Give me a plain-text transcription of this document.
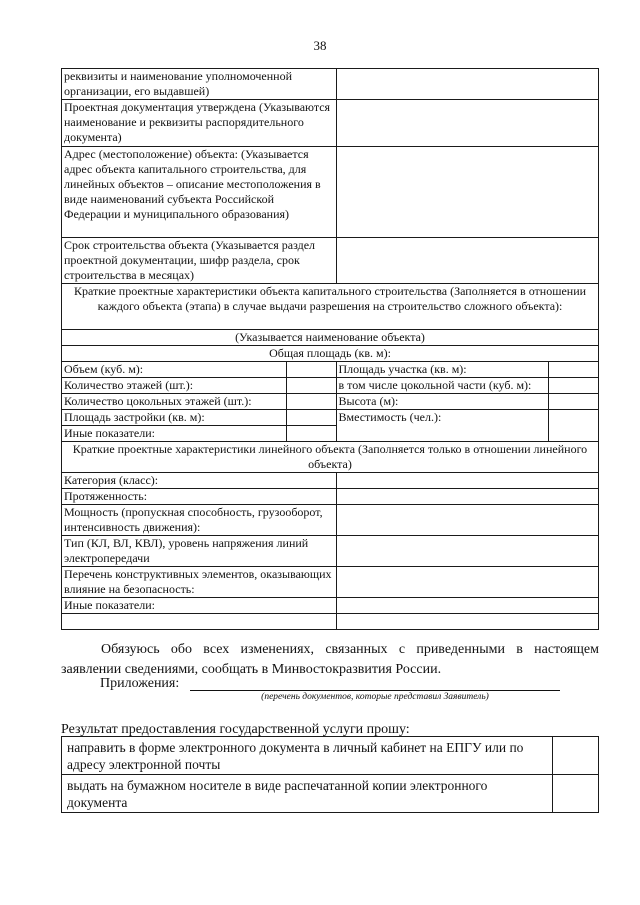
38
реквизиты и наименование уполномоченной организации, его выдавшей)			
Проектная документация утверждена (Указываются наименование и реквизиты распорядительного документа)			
Адрес (местоположение) объекта: (Указывается адрес объекта капитального строительства, для линейных объектов – описание местоположения в виде наименований субъекта Российской Федерации и муниципального образования)			
Срок строительства объекта (Указывается раздел проектной документации, шифр раздела, срок строительства в месяцах)			
Краткие проектные характеристики объекта капитального строительства (Заполняется в отношении каждого объекта (этапа) в случае выдачи разрешения на строительство сложного объекта):			
(Указывается наименование объекта)			
Общая площадь (кв. м):			
Объем (куб. м):		Площадь участка (кв. м):	
Количество этажей (шт.):		в том числе цокольной части (куб. м):	
Количество цокольных этажей (шт.):		Высота (м):	
Площадь застройки (кв. м):		Вместимость (чел.):	
Иные показатели:			
Краткие проектные характеристики линейного объекта (Заполняется только в отношении линейного объекта)			
Категория (класс):			
Протяженность:			
Мощность (пропускная способность, грузооборот, интенсивность движения):			
Тип (КЛ, ВЛ, КВЛ), уровень напряжения линий электропередачи			
Перечень конструктивных элементов, оказывающих влияние на безопасность:			
Иные показатели:			

Обязуюсь обо всех изменениях, связанных с приведенными в настоящем заявлении сведениями, сообщать в Минвостокразвития России.
Приложения:
(перечень документов, которые представил Заявитель)
Результат предоставления государственной услуги прошу:
направить в форме электронного документа в личный кабинет на ЕПГУ или по адресу электронной почты	
выдать на бумажном носителе в виде распечатанной копии электронного документа	
